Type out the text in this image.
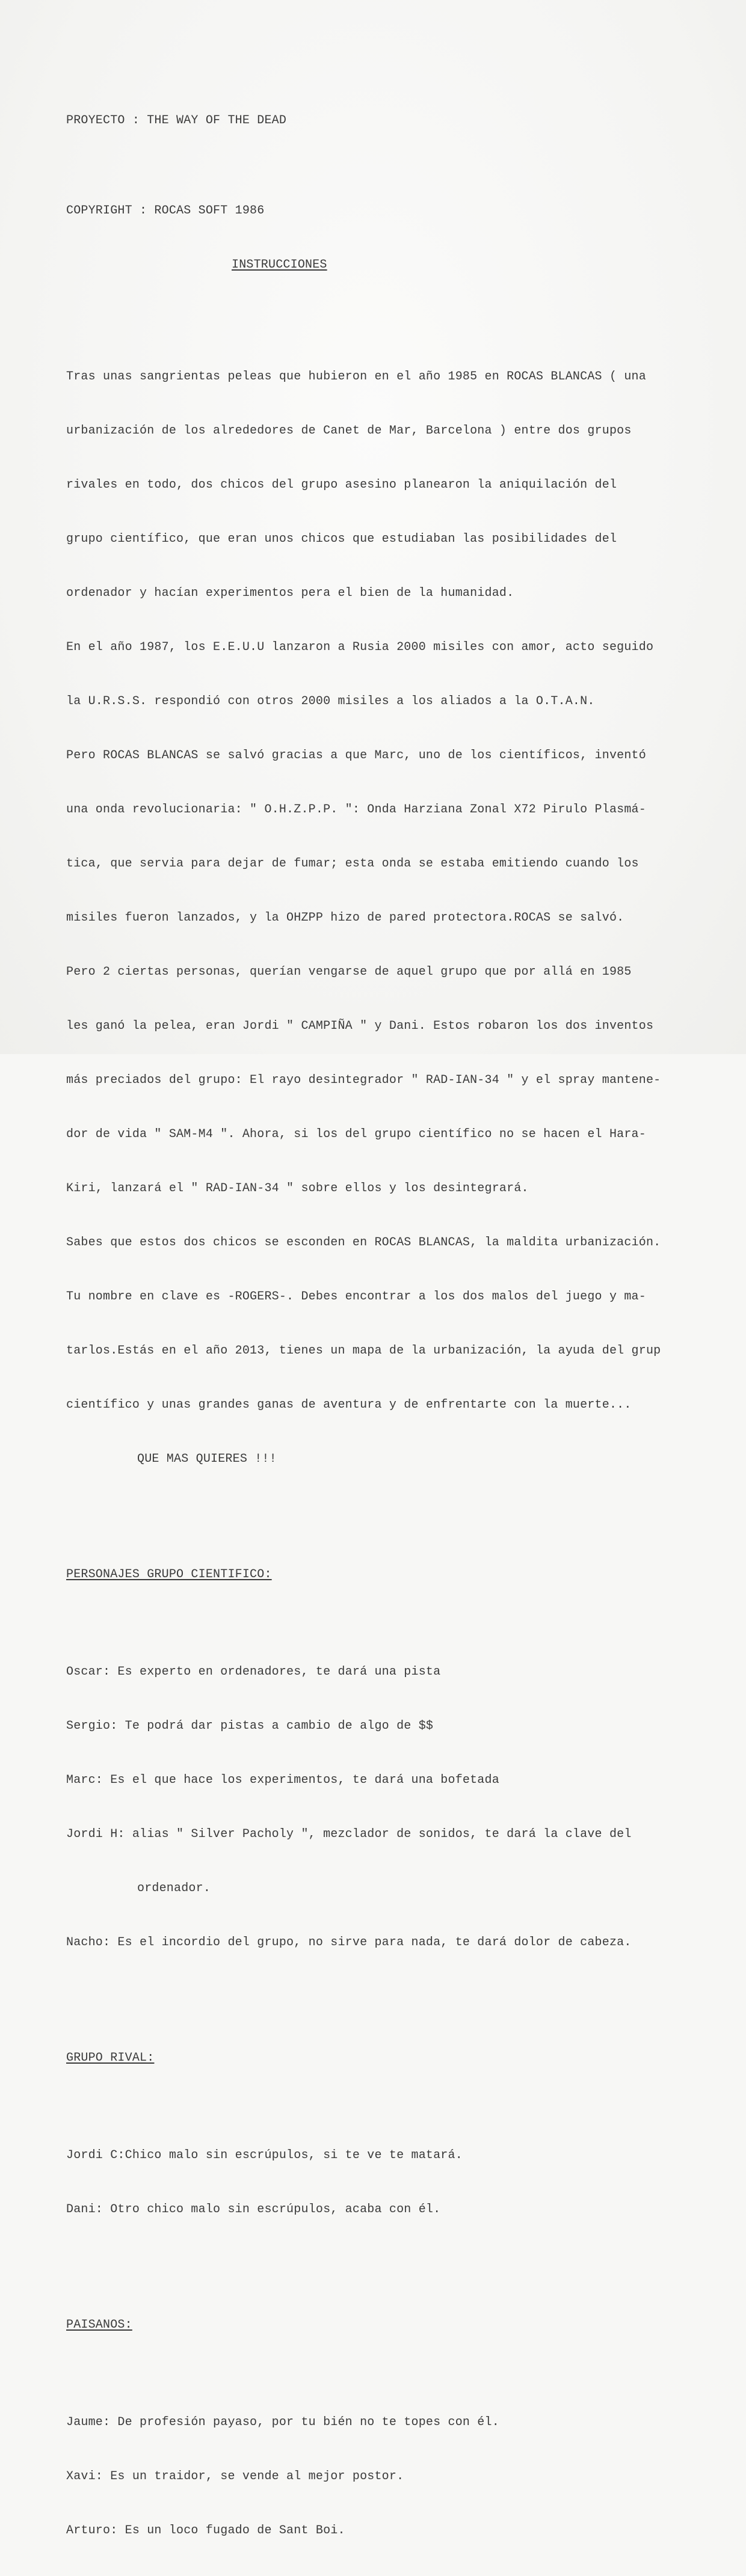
PROYECTO : THE WAY OF THE DEAD

COPYRIGHT : ROCAS SOFT 1986

INSTRUCCIONES

Tras unas sangrientas peleas que hubieron en el año 1985 en ROCAS BLANCAS ( una

urbanización de los alrededores de Canet de Mar, Barcelona ) entre dos grupos

rivales en todo, dos chicos del grupo asesino planearon la aniquilación del

grupo científico, que eran unos chicos que estudiaban las posibilidades del

ordenador y hacían experimentos pera el bien de la humanidad.

En el año 1987, los E.E.U.U lanzaron a Rusia 2000 misiles con amor, acto seguido

la U.R.S.S. respondió con otros 2000 misiles a los aliados a la O.T.A.N.

Pero ROCAS BLANCAS se salvó gracias a que Marc, uno de los científicos, inventó

una onda revolucionaria: " O.H.Z.P.P. ": Onda Harziana Zonal X72 Pirulo Plasmá-

tica, que servia para dejar de fumar; esta onda se estaba emitiendo cuando los

misiles fueron lanzados, y la OHZPP hizo de pared protectora.ROCAS se salvó.

Pero 2 ciertas personas, querían vengarse de aquel grupo que por allá en 1985

les ganó la pelea, eran Jordi " CAMPIÑA " y Dani. Estos robaron los dos inventos

más preciados del grupo: El rayo desintegrador " RAD-IAN-34 " y el spray mantene-

dor de vida " SAM-M4 ". Ahora, si los del grupo científico no se hacen el Hara-

Kiri, lanzará el " RAD-IAN-34 " sobre ellos y los desintegrará.

Sabes que estos dos chicos se esconden en ROCAS BLANCAS, la maldita urbanización.

Tu nombre en clave es -ROGERS-. Debes encontrar a los dos malos del juego y ma-

tarlos.Estás en el año 2013, tienes un mapa de la urbanización, la ayuda del grup

científico y unas grandes ganas de aventura y de enfrentarte con la muerte...

QUE MAS QUIERES !!!

PERSONAJES GRUPO CIENTIFICO:

Oscar: Es experto en ordenadores, te dará una pista

Sergio: Te podrá dar pistas a cambio de algo de $$

Marc: Es el que hace los experimentos, te dará una bofetada

Jordi H: alias " Silver Pacholy ", mezclador de sonidos, te dará la clave del

ordenador.

Nacho: Es el incordio del grupo, no sirve para nada, te dará dolor de cabeza.

GRUPO RIVAL:

Jordi C:Chico malo sin escrúpulos, si te ve te matará.

Dani: Otro chico malo sin escrúpulos, acaba con él.

PAISANOS:

Jaume: De profesión payaso, por tu bién no te topes con él.

Xavi: Es un traidor, se vende al mejor postor.

Arturo: Es un loco fugado de Sant Boi.
